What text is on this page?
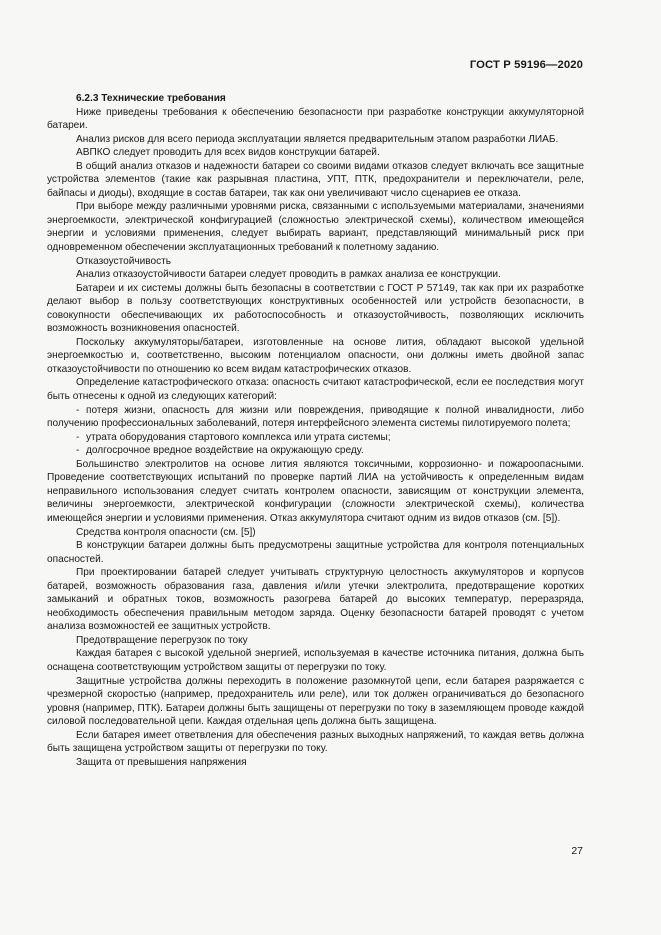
ГОСТ Р 59196—2020

6.2.3 Технические требования

Ниже приведены требования к обеспечению безопасности при разработке конструкции аккумуляторной батареи.

Анализ рисков для всего периода эксплуатации является предварительным этапом разработки ЛИАБ.

АВПКО следует проводить для всех видов конструкции батарей.

В общий анализ отказов и надежности батареи со своими видами отказов следует включать все защитные устройства элементов (такие как разрывная пластина, УПТ, ПТК, предохранители и переключатели, реле, байпасы и диоды), входящие в состав батареи, так как они увеличивают число сценариев ее отказа.

При выборе между различными уровнями риска, связанными с используемыми материалами, значениями энергоемкости, электрической конфигурацией (сложностью электрической схемы), количеством имеющейся энергии и условиями применения, следует выбирать вариант, представляющий минимальный риск при одновременном обеспечении эксплуатационных требований к полетному заданию.

Отказоустойчивость

Анализ отказоустойчивости батареи следует проводить в рамках анализа ее конструкции.

Батареи и их системы должны быть безопасны в соответствии с ГОСТ Р 57149, так как при их разработке делают выбор в пользу соответствующих конструктивных особенностей или устройств безопасности, в совокупности обеспечивающих их работоспособность и отказоустойчивость, позволяющих исключить возможность возникновения опасностей.

Поскольку аккумуляторы/батареи, изготовленные на основе лития, обладают высокой удельной энергоемкостью и, соответственно, высоким потенциалом опасности, они должны иметь двойной запас отказоустойчивости по отношению ко всем видам катастрофических отказов.

Определение катастрофического отказа: опасность считают катастрофической, если ее последствия могут быть отнесены к одной из следующих категорий:

- потеря жизни, опасность для жизни или повреждения, приводящие к полной инвалидности, либо получению профессиональных заболеваний, потеря интерфейсного элемента системы пилотируемого полета;

- утрата оборудования стартового комплекса или утрата системы;

- долгосрочное вредное воздействие на окружающую среду.

Большинство электролитов на основе лития являются токсичными, коррозионно- и пожароопасными. Проведение соответствующих испытаний по проверке партий ЛИА на устойчивость к определенным видам неправильного использования следует считать контролем опасности, зависящим от конструкции элемента, величины энергоемкости, электрической конфигурации (сложности электрической схемы), количества имеющейся энергии и условиями применения. Отказ аккумулятора считают одним из видов отказов (см. [5]).

Средства контроля опасности (см. [5])

В конструкции батареи должны быть предусмотрены защитные устройства для контроля потенциальных опасностей.

При проектировании батарей следует учитывать структурную целостность аккумуляторов и корпусов батарей, возможность образования газа, давления и/или утечки электролита, предотвращение коротких замыканий и обратных токов, возможность разогрева батарей до высоких температур, переразряда, необходимость обеспечения правильным методом заряда. Оценку безопасности батарей проводят с учетом анализа возможностей ее защитных устройств.

Предотвращение перегрузок по току

Каждая батарея с высокой удельной энергией, используемая в качестве источника питания, должна быть оснащена соответствующим устройством защиты от перегрузки по току.

Защитные устройства должны переходить в положение разомкнутой цепи, если батарея разряжается с чрезмерной скоростью (например, предохранитель или реле), или ток должен ограничиваться до безопасного уровня (например, ПТК). Батареи должны быть защищены от перегрузки по току в заземляющем проводе каждой силовой последовательной цепи. Каждая отдельная цепь должна быть защищена.

Если батарея имеет ответвления для обеспечения разных выходных напряжений, то каждая ветвь должна быть защищена устройством защиты от перегрузки по току.

Защита от превышения напряжения

27
